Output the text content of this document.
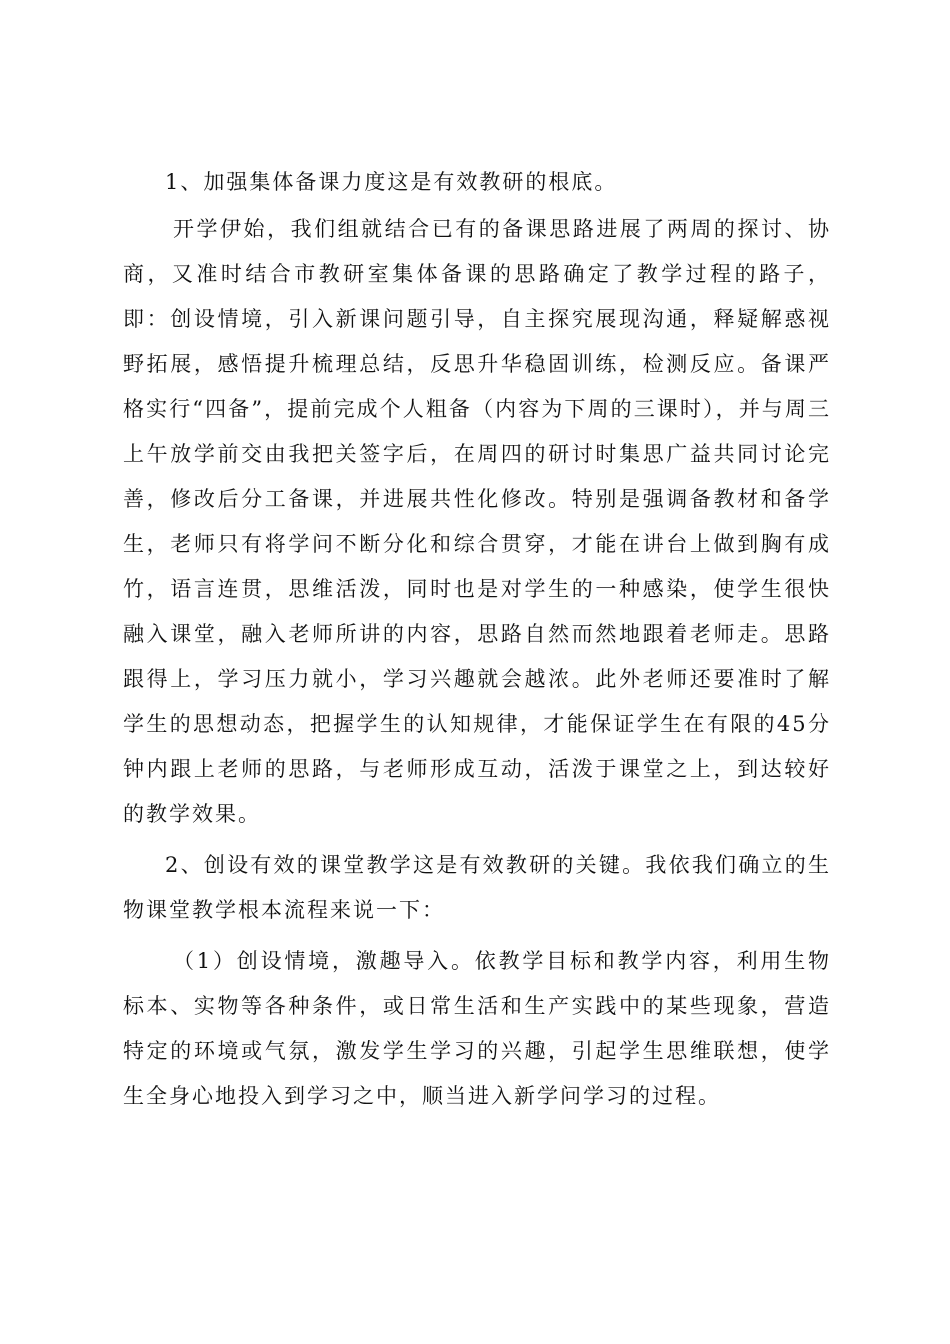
1、加强集体备课力度这是有效教研的根底。

开学伊始，我们组就结合已有的备课思路进展了两周的探讨、协商，又准时结合市教研室集体备课的思路确定了教学过程的路子，即：创设情境，引入新课问题引导，自主探究展现沟通，释疑解惑视野拓展，感悟提升梳理总结，反思升华稳固训练，检测反应。备课严格实行“四备”，提前完成个人粗备（内容为下周的三课时），并与周三上午放学前交由我把关签字后，在周四的研讨时集思广益共同讨论完善，修改后分工备课，并进展共性化修改。特别是强调备教材和备学生，老师只有将学问不断分化和综合贯穿，才能在讲台上做到胸有成竹，语言连贯，思维活泼，同时也是对学生的一种感染，使学生很快融入课堂，融入老师所讲的内容，思路自然而然地跟着老师走。思路跟得上，学习压力就小，学习兴趣就会越浓。此外老师还要准时了解学生的思想动态，把握学生的认知规律，才能保证学生在有限的45分钟内跟上老师的思路，与老师形成互动，活泼于课堂之上，到达较好的教学效果。

2、创设有效的课堂教学这是有效教研的关键。我依我们确立的生物课堂教学根本流程来说一下：

（1）创设情境，激趣导入。依教学目标和教学内容，利用生物标本、实物等各种条件，或日常生活和生产实践中的某些现象，营造特定的环境或气氛，激发学生学习的兴趣，引起学生思维联想，使学生全身心地投入到学习之中，顺当进入新学问学习的过程。
